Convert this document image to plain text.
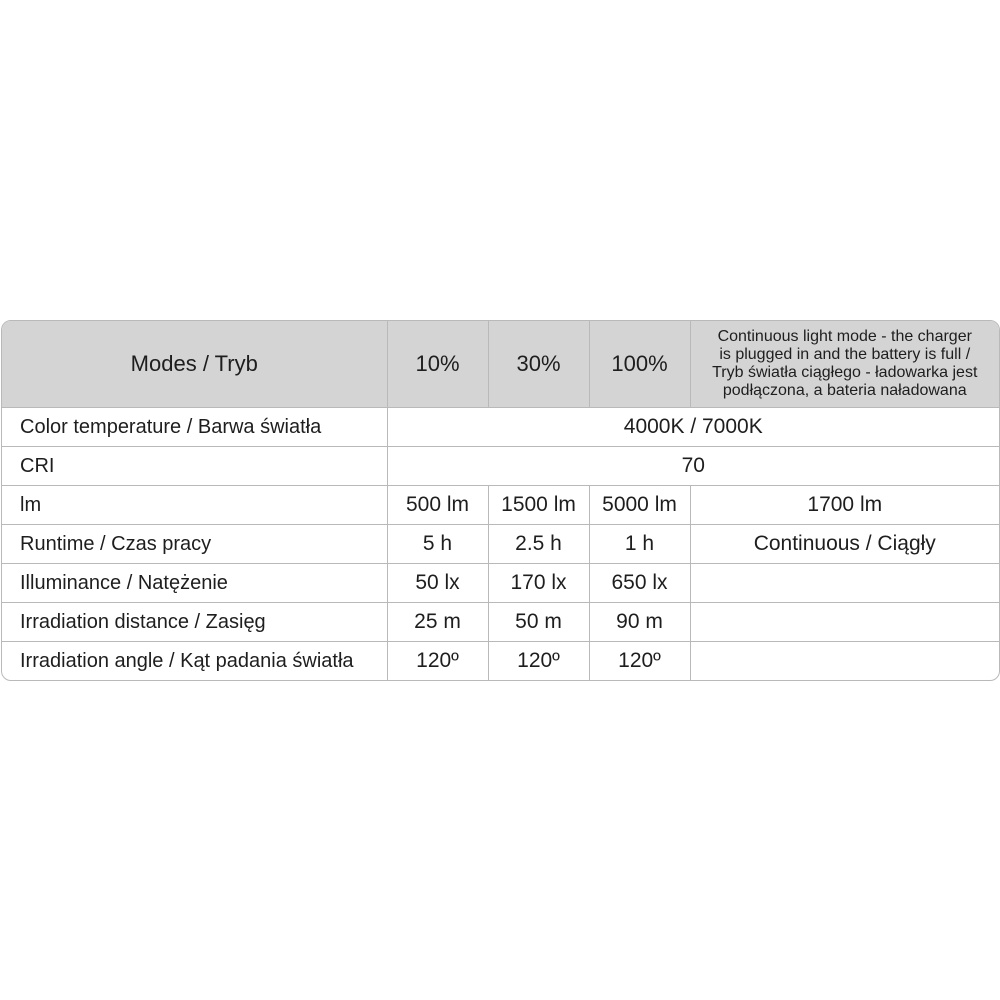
Modes / Tryb	10%	30%	100%	Continuous light mode - the charger
is plugged in and the battery is full /
Tryb światła ciągłego - ładowarka jest
podłączona, a bateria naładowana
Color temperature / Barwa światła	4000K / 7000K			
CRI	70			
lm	500 lm	1500 lm	5000 lm	1700 lm
Runtime / Czas pracy	5 h	2.5 h	1 h	Continuous / Ciągły
Illuminance / Natężenie	50 lx	170 lx	650 lx	
Irradiation distance / Zasięg	25 m	50 m	90 m	
Irradiation angle / Kąt padania światła	120º	120º	120º	
